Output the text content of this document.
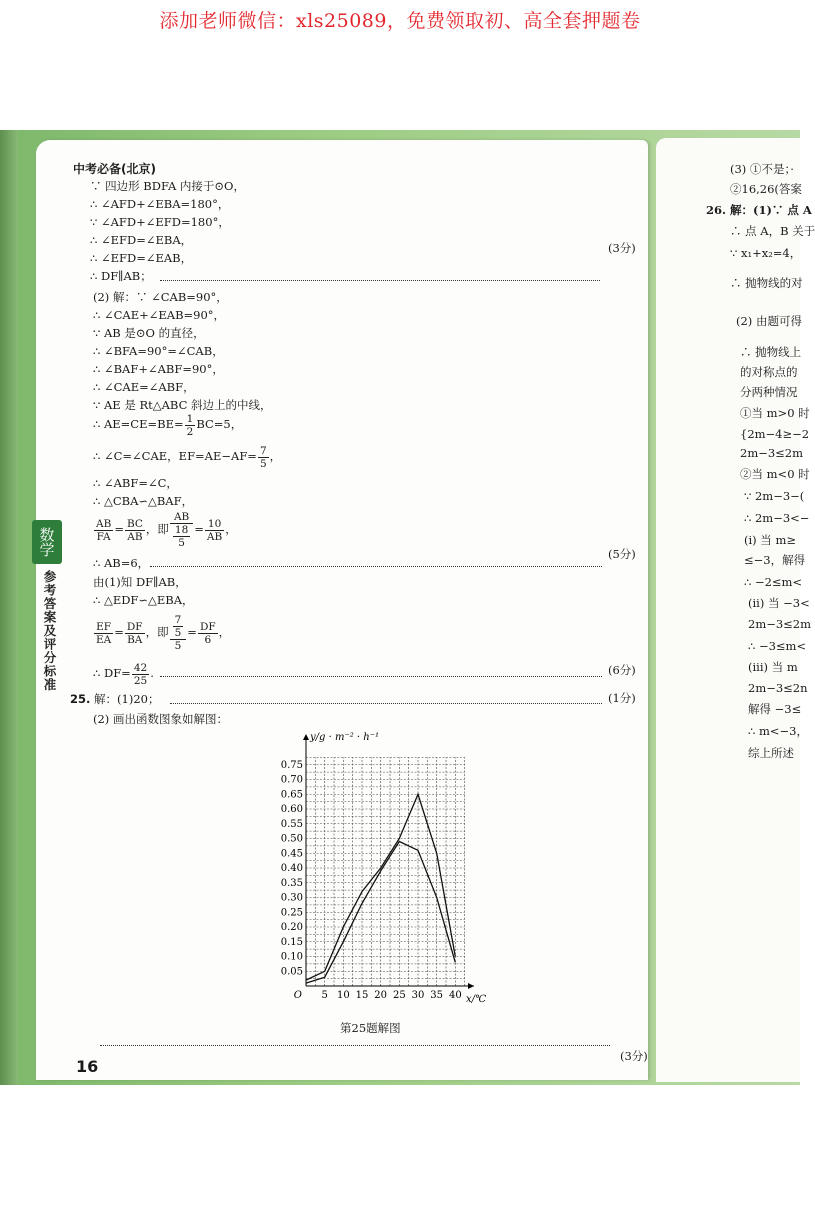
添加老师微信：xls25089，免费领取初、高全套押题卷
数学
参考答案及评分标准
中考必备(北京)
∵ 四边形 BDFA 内接于⊙O，
∴ ∠AFD+∠EBA=180°，
∵ ∠AFD+∠EFD=180°，
∴ ∠EFD=∠EBA，
∴ ∠EFD=∠EAB，
∴ DF∥AB；
(3分)
(2) 解：∵ ∠CAB=90°，
∴ ∠CAE+∠EAB=90°，
∵ AB 是⊙O 的直径，
∴ ∠BFA=90°=∠CAB，
∴ ∠BAF+∠ABF=90°，
∴ ∠CAE=∠ABF，
∵ AE 是 Rt△ABC 斜边上的中线，
∴ $AE=CE=BE= \frac{1}{2} BC=5$，
∴ ∠C=∠CAE，$EF=AE-AF= \frac{7}{5}$ ，
∴ ∠ABF=∠C，
∴ △CBA∽△BAF，
$\frac{AB}{FA} = \frac{BC}{AB}$ ，即 $\frac{AB}{\frac{18}{5}} = \frac{10}{AB}$ ，
∴ AB=6，
(5分)
由(1)知 DF∥AB，
∴ △EDF∽△EBA，
$\frac{EF}{EA} = \frac{DF}{BA}$ ，即 $\frac{\frac{7}{5}}{5} = \frac{DF}{6}$ ，
∴ $DF= \frac{42}{25}$ .	(6分)
25. 解：(1)20；	(1分)
(2) 画出函数图象如解图：
0.05
0.10
0.15
0.20
0.25
0.30
0.35
0.40
0.45
0.50
0.55
0.60
0.65
0.70
0.75
5 10 15 20 25 30 35 40
O
y/g · m⁻² · h⁻¹
x/℃
第25题解图
(3分)
16
(3) ①不是；·
②16,26(答案
26. 解：(1)∵ 点 A
∴ 点 A，B 关于
∵ x₁+x₂=4，
∴ 抛物线的对
(2) 由题可得
∴ 抛物线上
的对称点的
分两种情况
①当 m>0 时
{2m−4≥−2
2m−3≤2m
②当 m<0 时
∵ 2m−3−(
∴ 2m−3<−
(i) 当 m≥
≤−3，解得
∴ −2≤m<
(ii) 当 −3<
2m−3≤2m
∴ −3≤m<
(iii) 当 m
2m−3≤2n
解得 −3≤
∴ m<−3，
综上所述
